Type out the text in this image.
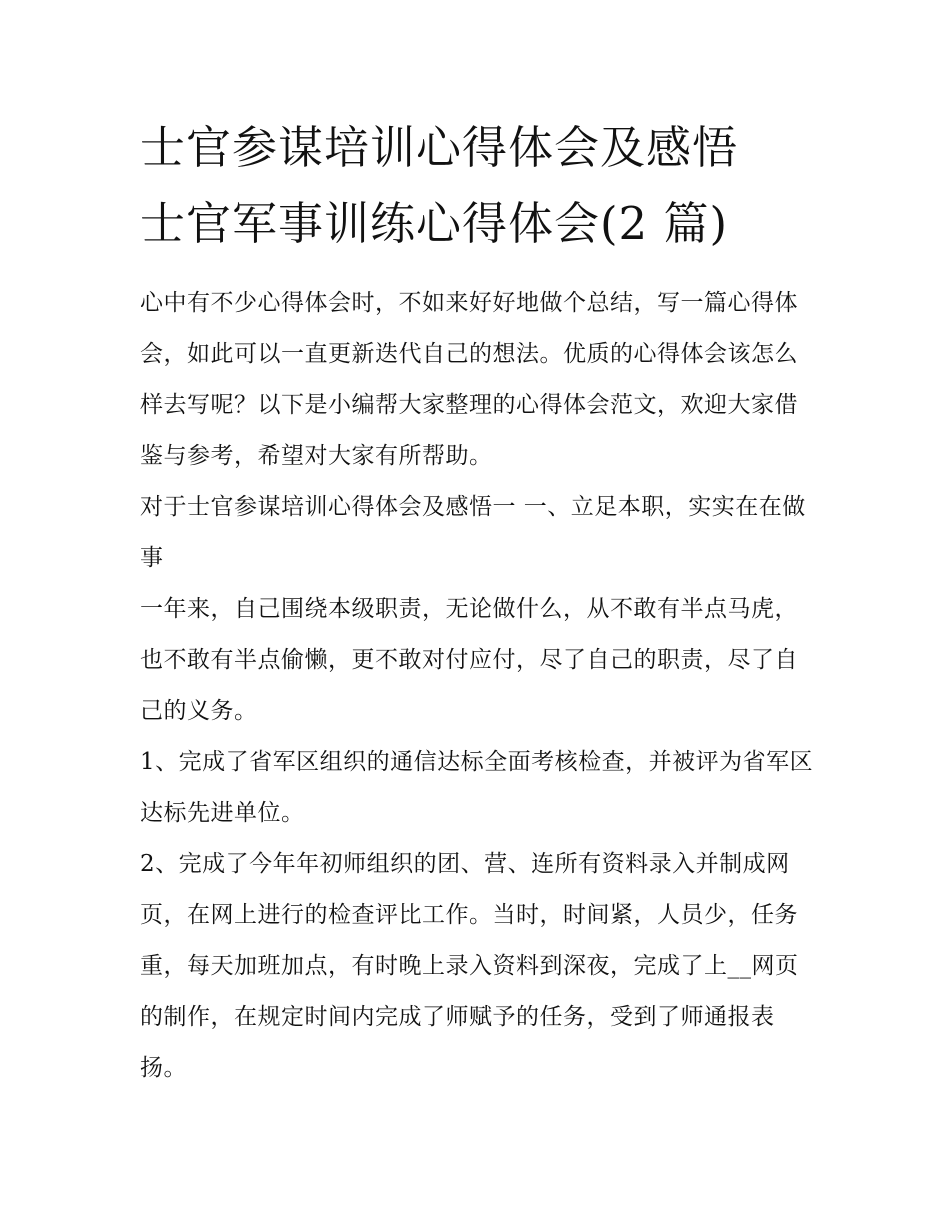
士官参谋培训心得体会及感悟
士官军事训练心得体会(2 篇)

心中有不少心得体会时，不如来好好地做个总结，写一篇心得体会，如此可以一直更新迭代自己的想法。优质的心得体会该怎么样去写呢？以下是小编帮大家整理的心得体会范文，欢迎大家借鉴与参考，希望对大家有所帮助。

对于士官参谋培训心得体会及感悟一 一、立足本职，实实在在做事

一年来，自己围绕本级职责，无论做什么，从不敢有半点马虎，也不敢有半点偷懒，更不敢对付应付，尽了自己的职责，尽了自己的义务。

1、完成了省军区组织的通信达标全面考核检查，并被评为省军区达标先进单位。

2、完成了今年年初师组织的团、营、连所有资料录入并制成网页，在网上进行的检查评比工作。当时，时间紧，人员少，任务重，每天加班加点，有时晚上录入资料到深夜，完成了上__网页的制作，在规定时间内完成了师赋予的任务，受到了师通报表扬。
